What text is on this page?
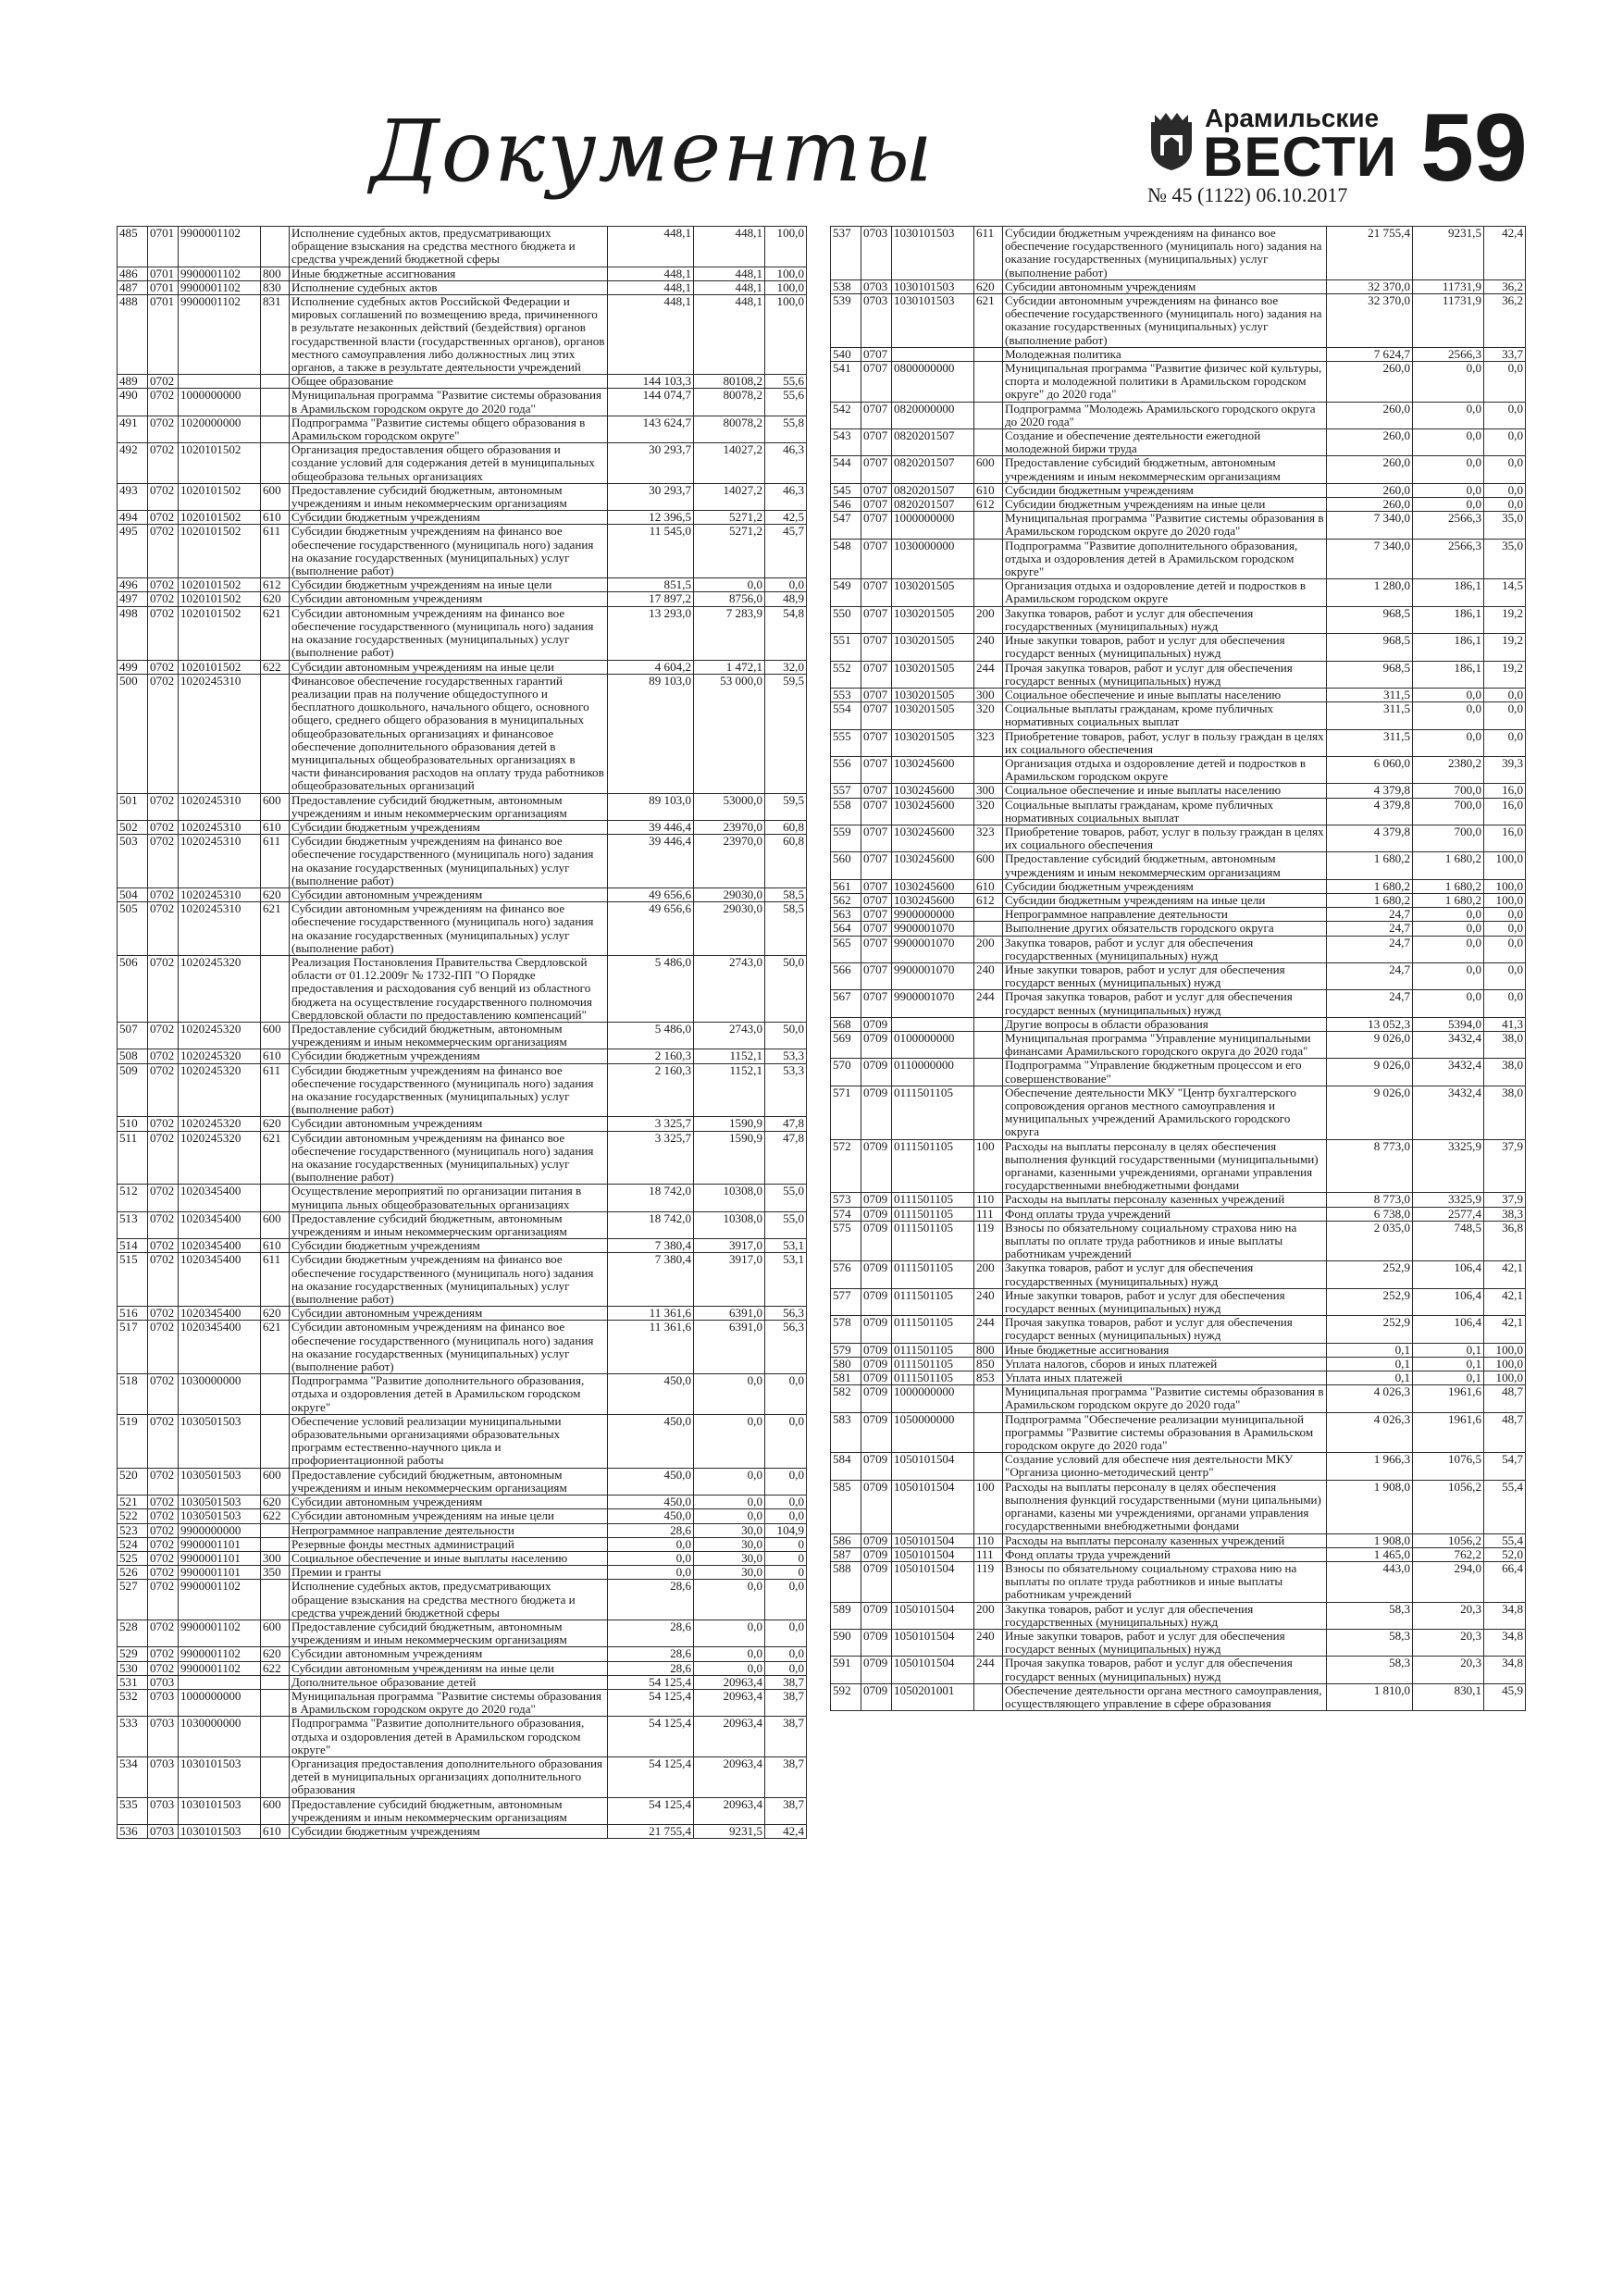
Документы	Арамильские
ВЕСТИ
№ 45 (1122) 06.10.2017 59
485	0701	9900001102		Исполнение судебных актов, предусматривающих обращение взыскания на средства местного бюджета и средства учреждений бюджетной сферы	448,1	448,1	100,0
486	0701	9900001102	800	Иные бюджетные ассигнования	448,1	448,1	100,0
487	0701	9900001102	830	Исполнение судебных актов	448,1	448,1	100,0
488	0701	9900001102	831	Исполнение судебных актов Российской Федерации и мировых соглашений по возмещению вреда, причиненного в результате незаконных действий (бездействия) органов государственной власти (государственных органов), органов местного самоуправления либо должностных лиц этих органов, а также в результате деятельности учреждений	448,1	448,1	100,0
489	0702			Общее образование	144 103,3	80108,2	55,6
490	0702	1000000000		Муниципальная программа "Развитие системы образования в Арамильском городском округе до 2020 года"	144 074,7	80078,2	55,6
491	0702	1020000000		Подпрограмма "Развитие системы общего образования в Арамильском городском округе"	143 624,7	80078,2	55,8
492	0702	1020101502		Организация предоставления общего образования и создание условий для содержания детей в муниципальных общеобразова тельных организациях	30 293,7	14027,2	46,3
493	0702	1020101502	600	Предоставление субсидий бюджетным, автономным учреждениям и иным некоммерческим организациям	30 293,7	14027,2	46,3
494	0702	1020101502	610	Субсидии бюджетным учреждениям	12 396,5	5271,2	42,5
495	0702	1020101502	611	Субсидии бюджетным учреждениям на финансо вое обеспечение государственного (муниципаль ного) задания на оказание государственных (муниципальных) услуг (выполнение работ)	11 545,0	5271,2	45,7
496	0702	1020101502	612	Субсидии бюджетным учреждениям на иные цели	851,5	0,0	0,0
497	0702	1020101502	620	Субсидии автономным учреждениям	17 897,2	8756,0	48,9
498	0702	1020101502	621	Субсидии автономным учреждениям на финансо вое обеспечение государственного (муниципаль ного) задания на оказание государственных (муниципальных) услуг (выполнение работ)	13 293,0	7 283,9	54,8
499	0702	1020101502	622	Субсидии автономным учреждениям на иные цели	4 604,2	1 472,1	32,0
500	0702	1020245310		Финансовое обеспечение государственных гарантий реализации прав на получение общедоступного и бесплатного дошкольного, начального общего, основного общего, среднего общего образования в муниципальных общеобразовательных организациях и финансовое обеспечение дополнительного образования детей в муниципальных общеобразовательных организациях в части финансирования расходов на оплату труда работников общеобразовательных организаций	89 103,0	53 000,0	59,5
501	0702	1020245310	600	Предоставление субсидий бюджетным, автономным учреждениям и иным некоммерческим организациям	89 103,0	53000,0	59,5
502	0702	1020245310	610	Субсидии бюджетным учреждениям	39 446,4	23970,0	60,8
503	0702	1020245310	611	Субсидии бюджетным учреждениям на финансо вое обеспечение государственного (муниципаль ного) задания на оказание государственных (муниципальных) услуг (выполнение работ)	39 446,4	23970,0	60,8
504	0702	1020245310	620	Субсидии автономным учреждениям	49 656,6	29030,0	58,5
505	0702	1020245310	621	Субсидии автономным учреждениям на финансо вое обеспечение государственного (муниципаль ного) задания на оказание государственных (муниципальных) услуг (выполнение работ)	49 656,6	29030,0	58,5
506	0702	1020245320		Реализация Постановления Правительства Свердловской области от 01.12.2009г № 1732-ПП "О Порядке предоставления и расходования суб венций из областного бюджета на осуществление государственного полномочия Свердловской области по предоставлению компенсаций"	5 486,0	2743,0	50,0
507	0702	1020245320	600	Предоставление субсидий бюджетным, автономным учреждениям и иным некоммерческим организациям	5 486,0	2743,0	50,0
508	0702	1020245320	610	Субсидии бюджетным учреждениям	2 160,3	1152,1	53,3
509	0702	1020245320	611	Субсидии бюджетным учреждениям на финансо вое обеспечение государственного (муниципаль ного) задания на оказание государственных (муниципальных) услуг (выполнение работ)	2 160,3	1152,1	53,3
510	0702	1020245320	620	Субсидии автономным учреждениям	3 325,7	1590,9	47,8
511	0702	1020245320	621	Субсидии автономным учреждениям на финансо вое обеспечение государственного (муниципаль ного) задания на оказание государственных (муниципальных) услуг (выполнение работ)	3 325,7	1590,9	47,8
512	0702	1020345400		Осуществление мероприятий по организации питания в муниципа льных общеобразовательных организациях	18 742,0	10308,0	55,0
513	0702	1020345400	600	Предоставление субсидий бюджетным, автономным учреждениям и иным некоммерческим организациям	18 742,0	10308,0	55,0
514	0702	1020345400	610	Субсидии бюджетным учреждениям	7 380,4	3917,0	53,1
515	0702	1020345400	611	Субсидии бюджетным учреждениям на финансо вое обеспечение государственного (муниципаль ного) задания на оказание государственных (муниципальных) услуг (выполнение работ)	7 380,4	3917,0	53,1
516	0702	1020345400	620	Субсидии автономным учреждениям	11 361,6	6391,0	56,3
517	0702	1020345400	621	Субсидии автономным учреждениям на финансо вое обеспечение государственного (муниципаль ного) задания на оказание государственных (муниципальных) услуг (выполнение работ)	11 361,6	6391,0	56,3
518	0702	1030000000		Подпрограмма "Развитие дополнительного образования, отдыха и оздоровления детей в Арамильском городском округе"	450,0	0,0	0,0
519	0702	1030501503		Обеспечение условий реализации муниципальными образовательными организациями образовательных программ естественно-научного цикла и профориентационной работы	450,0	0,0	0,0
520	0702	1030501503	600	Предоставление субсидий бюджетным, автономным учреждениям и иным некоммерческим организациям	450,0	0,0	0,0
521	0702	1030501503	620	Субсидии автономным учреждениям	450,0	0,0	0,0
522	0702	1030501503	622	Субсидии автономным учреждениям на иные цели	450,0	0,0	0,0
523	0702	9900000000		Непрограммное направление деятельности	28,6	30,0	104,9
524	0702	9900001101		Резервные фонды местных администраций	0,0	30,0	0
525	0702	9900001101	300	Социальное обеспечение и иные выплаты населению	0,0	30,0	0
526	0702	9900001101	350	Премии и гранты	0,0	30,0	0
527	0702	9900001102		Исполнение судебных актов, предусматривающих обращение взыскания на средства местного бюджета и средства учреждений бюджетной сферы	28,6	0,0	0,0
528	0702	9900001102	600	Предоставление субсидий бюджетным, автономным учреждениям и иным некоммерческим организациям	28,6	0,0	0,0
529	0702	9900001102	620	Субсидии автономным учреждениям	28,6	0,0	0,0
530	0702	9900001102	622	Субсидии автономным учреждениям на иные цели	28,6	0,0	0,0
531	0703			Дополнительное образование детей	54 125,4	20963,4	38,7
532	0703	1000000000		Муниципальная программа "Развитие системы образования в Арамильском городском округе до 2020 года"	54 125,4	20963,4	38,7
533	0703	1030000000		Подпрограмма "Развитие дополнительного образования, отдыха и оздоровления детей в Арамильском городском округе"	54 125,4	20963,4	38,7
534	0703	1030101503		Организация предоставления дополнительного образования детей в муниципальных организациях дополнительного образования	54 125,4	20963,4	38,7
535	0703	1030101503	600	Предоставление субсидий бюджетным, автономным учреждениям и иным некоммерческим организациям	54 125,4	20963,4	38,7
536	0703	1030101503	610	Субсидии бюджетным учреждениям	21 755,4	9231,5	42,4
537	0703	1030101503	611	Субсидии бюджетным учреждениям на финансо вое обеспечение государственного (муниципаль ного) задания на оказание государственных (муниципальных) услуг (выполнение работ)	21 755,4	9231,5	42,4
538	0703	1030101503	620	Субсидии автономным учреждениям	32 370,0	11731,9	36,2
539	0703	1030101503	621	Субсидии автономным учреждениям на финансо вое обеспечение государственного (муниципаль ного) задания на оказание государственных (муниципальных) услуг (выполнение работ)	32 370,0	11731,9	36,2
540	0707			Молодежная политика	7 624,7	2566,3	33,7
541	0707	0800000000		Муниципальная программа "Развитие физичес кой культуры, спорта и молодежной политики в Арамильском городском округе" до 2020 года"	260,0	0,0	0,0
542	0707	0820000000		Подпрограмма "Молодежь Арамильского городского округа до 2020 года"	260,0	0,0	0,0
543	0707	0820201507		Создание и обеспечение деятельности ежегодной молодежной биржи труда	260,0	0,0	0,0
544	0707	0820201507	600	Предоставление субсидий бюджетным, автономным учреждениям и иным некоммерческим организациям	260,0	0,0	0,0
545	0707	0820201507	610	Субсидии бюджетным учреждениям	260,0	0,0	0,0
546	0707	0820201507	612	Субсидии бюджетным учреждениям на иные цели	260,0	0,0	0,0
547	0707	1000000000		Муниципальная программа "Развитие системы образования в Арамильском городском округе до 2020 года"	7 340,0	2566,3	35,0
548	0707	1030000000		Подпрограмма "Развитие дополнительного образования, отдыха и оздоровления детей в Арамильском городском округе"	7 340,0	2566,3	35,0
549	0707	1030201505		Организация отдыха и оздоровление детей и подростков в Арамильском городском округе	1 280,0	186,1	14,5
550	0707	1030201505	200	Закупка товаров, работ и услуг для обеспечения государственных (муниципальных) нужд	968,5	186,1	19,2
551	0707	1030201505	240	Иные закупки товаров, работ и услуг для обеспечения государст венных (муниципальных) нужд	968,5	186,1	19,2
552	0707	1030201505	244	Прочая закупка товаров, работ и услуг для обеспечения государст венных (муниципальных) нужд	968,5	186,1	19,2
553	0707	1030201505	300	Социальное обеспечение и иные выплаты населению	311,5	0,0	0,0
554	0707	1030201505	320	Социальные выплаты гражданам, кроме публичных нормативных социальных выплат	311,5	0,0	0,0
555	0707	1030201505	323	Приобретение товаров, работ, услуг в пользу граждан в целях их социального обеспечения	311,5	0,0	0,0
556	0707	1030245600		Организация отдыха и оздоровление детей и подростков в Арамильском городском округе	6 060,0	2380,2	39,3
557	0707	1030245600	300	Социальное обеспечение и иные выплаты населению	4 379,8	700,0	16,0
558	0707	1030245600	320	Социальные выплаты гражданам, кроме публичных нормативных социальных выплат	4 379,8	700,0	16,0
559	0707	1030245600	323	Приобретение товаров, работ, услуг в пользу граждан в целях их социального обеспечения	4 379,8	700,0	16,0
560	0707	1030245600	600	Предоставление субсидий бюджетным, автономным учреждениям и иным некоммерческим организациям	1 680,2	1 680,2	100,0
561	0707	1030245600	610	Субсидии бюджетным учреждениям	1 680,2	1 680,2	100,0
562	0707	1030245600	612	Субсидии бюджетным учреждениям на иные цели	1 680,2	1 680,2	100,0
563	0707	9900000000		Непрограммное направление деятельности	24,7	0,0	0,0
564	0707	9900001070		Выполнение других обязательств городского округа	24,7	0,0	0,0
565	0707	9900001070	200	Закупка товаров, работ и услуг для обеспечения государственных (муниципальных) нужд	24,7	0,0	0,0
566	0707	9900001070	240	Иные закупки товаров, работ и услуг для обеспечения государст венных (муниципальных) нужд	24,7	0,0	0,0
567	0707	9900001070	244	Прочая закупка товаров, работ и услуг для обеспечения государст венных (муниципальных) нужд	24,7	0,0	0,0
568	0709			Другие вопросы в области образования	13 052,3	5394,0	41,3
569	0709	0100000000		Муниципальная программа "Управление муниципальными финансами Арамильского городского округа до 2020 года"	9 026,0	3432,4	38,0
570	0709	0110000000		Подпрограмма "Управление бюджетным процессом и его совершенствование"	9 026,0	3432,4	38,0
571	0709	0111501105		Обеспечение деятельности МКУ "Центр бухгалтерского сопровождения органов местного самоуправления и муниципальных учреждений Арамильского городского округа	9 026,0	3432,4	38,0
572	0709	0111501105	100	Расходы на выплаты персоналу в целях обеспечения выполнения функций государственными (муниципальными) органами, казенными учреждениями, органами управления государственными внебюджетными фондами	8 773,0	3325,9	37,9
573	0709	0111501105	110	Расходы на выплаты персоналу казенных учреждений	8 773,0	3325,9	37,9
574	0709	0111501105	111	Фонд оплаты труда учреждений	6 738,0	2577,4	38,3
575	0709	0111501105	119	Взносы по обязательному социальному страхова нию на выплаты по оплате труда работников и иные выплаты работникам учреждений	2 035,0	748,5	36,8
576	0709	0111501105	200	Закупка товаров, работ и услуг для обеспечения государственных (муниципальных) нужд	252,9	106,4	42,1
577	0709	0111501105	240	Иные закупки товаров, работ и услуг для обеспечения государст венных (муниципальных) нужд	252,9	106,4	42,1
578	0709	0111501105	244	Прочая закупка товаров, работ и услуг для обеспечения государст венных (муниципальных) нужд	252,9	106,4	42,1
579	0709	0111501105	800	Иные бюджетные ассигнования	0,1	0,1	100,0
580	0709	0111501105	850	Уплата налогов, сборов и иных платежей	0,1	0,1	100,0
581	0709	0111501105	853	Уплата иных платежей	0,1	0,1	100,0
582	0709	1000000000		Муниципальная программа "Развитие системы образования в Арамильском городском округе до 2020 года"	4 026,3	1961,6	48,7
583	0709	1050000000		Подпрограмма "Обеспечение реализации муниципальной программы "Развитие системы образования в Арамильском городском округе до 2020 года"	4 026,3	1961,6	48,7
584	0709	1050101504		Создание условий для обеспече ния деятельности МКУ "Организа ционно-методический центр"	1 966,3	1076,5	54,7
585	0709	1050101504	100	Расходы на выплаты персоналу в целях обеспечения выполнения функций государственными (муни ципальными) органами, казены ми учреждениями, органами управления государственными внебюджетными фондами	1 908,0	1056,2	55,4
586	0709	1050101504	110	Расходы на выплаты персоналу казенных учреждений	1 908,0	1056,2	55,4
587	0709	1050101504	111	Фонд оплаты труда учреждений	1 465,0	762,2	52,0
588	0709	1050101504	119	Взносы по обязательному социальному страхова нию на выплаты по оплате труда работников и иные выплаты работникам учреждений	443,0	294,0	66,4
589	0709	1050101504	200	Закупка товаров, работ и услуг для обеспечения государственных (муниципальных) нужд	58,3	20,3	34,8
590	0709	1050101504	240	Иные закупки товаров, работ и услуг для обеспечения государст венных (муниципальных) нужд	58,3	20,3	34,8
591	0709	1050101504	244	Прочая закупка товаров, работ и услуг для обеспечения государст венных (муниципальных) нужд	58,3	20,3	34,8
592	0709	1050201001		Обеспечение деятельности органа местного самоуправления, осуществляющего управление в сфере образования	1 810,0	830,1	45,9
